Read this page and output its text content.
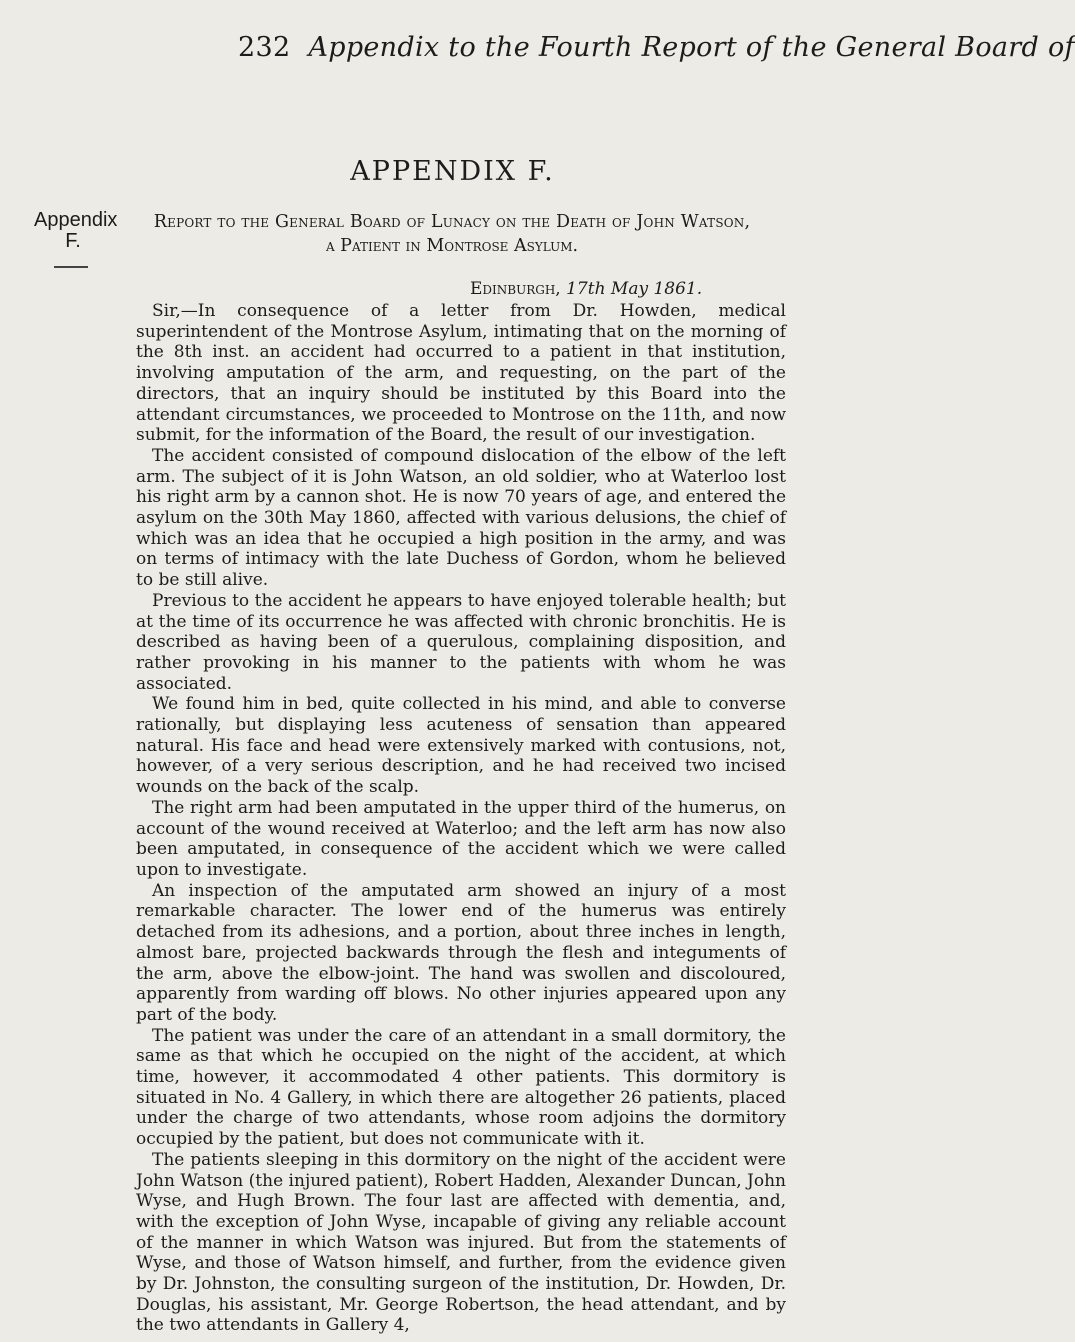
232 Appendix to the Fourth Report of the General Board of
APPENDIX F.
Appendix
F.
Report to the General Board of Lunacy on the Death of John Watson,
a Patient in Montrose Asylum.
Edinburgh, 17th May 1861.

Sir,—In consequence of a letter from Dr. Howden, medical superintendent of the Montrose Asylum, intimating that on the morning of the 8th inst. an accident had occurred to a patient in that institution, involving amputation of the arm, and requesting, on the part of the directors, that an inquiry should be instituted by this Board into the attendant circumstances, we proceeded to Montrose on the 11th, and now submit, for the information of the Board, the result of our investigation.

The accident consisted of compound dislocation of the elbow of the left arm. The subject of it is John Watson, an old soldier, who at Waterloo lost his right arm by a cannon shot. He is now 70 years of age, and entered the asylum on the 30th May 1860, affected with various delusions, the chief of which was an idea that he occupied a high position in the army, and was on terms of intimacy with the late Duchess of Gordon, whom he believed to be still alive.

Previous to the accident he appears to have enjoyed tolerable health; but at the time of its occurrence he was affected with chronic bronchitis. He is described as having been of a querulous, complaining disposition, and rather provoking in his manner to the patients with whom he was associated.

We found him in bed, quite collected in his mind, and able to converse rationally, but displaying less acuteness of sensation than appeared natural. His face and head were extensively marked with contusions, not, however, of a very serious description, and he had received two incised wounds on the back of the scalp.

The right arm had been amputated in the upper third of the humerus, on account of the wound received at Waterloo; and the left arm has now also been amputated, in consequence of the accident which we were called upon to investigate.

An inspection of the amputated arm showed an injury of a most remarkable character. The lower end of the humerus was entirely detached from its adhesions, and a portion, about three inches in length, almost bare, projected backwards through the flesh and integuments of the arm, above the elbow-joint. The hand was swollen and discoloured, apparently from warding off blows. No other injuries appeared upon any part of the body.

The patient was under the care of an attendant in a small dormitory, the same as that which he occupied on the night of the accident, at which time, however, it accommodated 4 other patients. This dormitory is situated in No. 4 Gallery, in which there are altogether 26 patients, placed under the charge of two attendants, whose room adjoins the dormitory occupied by the patient, but does not communicate with it.

The patients sleeping in this dormitory on the night of the accident were John Watson (the injured patient), Robert Hadden, Alexander Duncan, John Wyse, and Hugh Brown. The four last are affected with dementia, and, with the exception of John Wyse, incapable of giving any reliable account of the manner in which Watson was injured. But from the statements of Wyse, and those of Watson himself, and further, from the evidence given by Dr. Johnston, the consulting surgeon of the institution, Dr. Howden, Dr. Douglas, his assistant, Mr. George Robertson, the head attendant, and by the two attendants in Gallery 4,
